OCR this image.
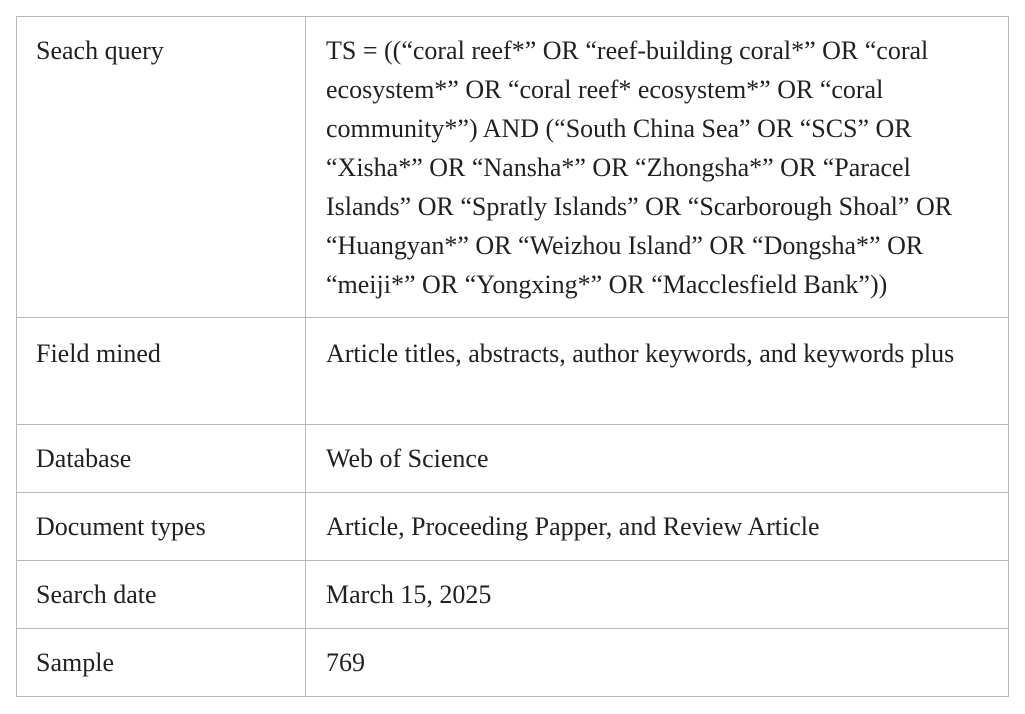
Seach query	TS = ((“coral reef*” OR “reef-building coral*” OR “coral ecosystem*” OR “coral reef* ecosystem*” OR “coral community*”) AND (“South China Sea” OR “SCS” OR “Xisha*” OR “Nansha*” OR “Zhongsha*” OR “Paracel Islands” OR “Spratly Islands” OR “Scarborough Shoal” OR “Huangyan*” OR “Weizhou Island” OR “Dongsha*” OR “meiji*” OR “Yongxing*” OR “Macclesfield Bank”))

Field mined	Article titles, abstracts, author keywords, and keywords plus

Database	Web of Science

Document types	Article, Proceeding Papper, and Review Article

Search date	March 15, 2025

Sample	769
